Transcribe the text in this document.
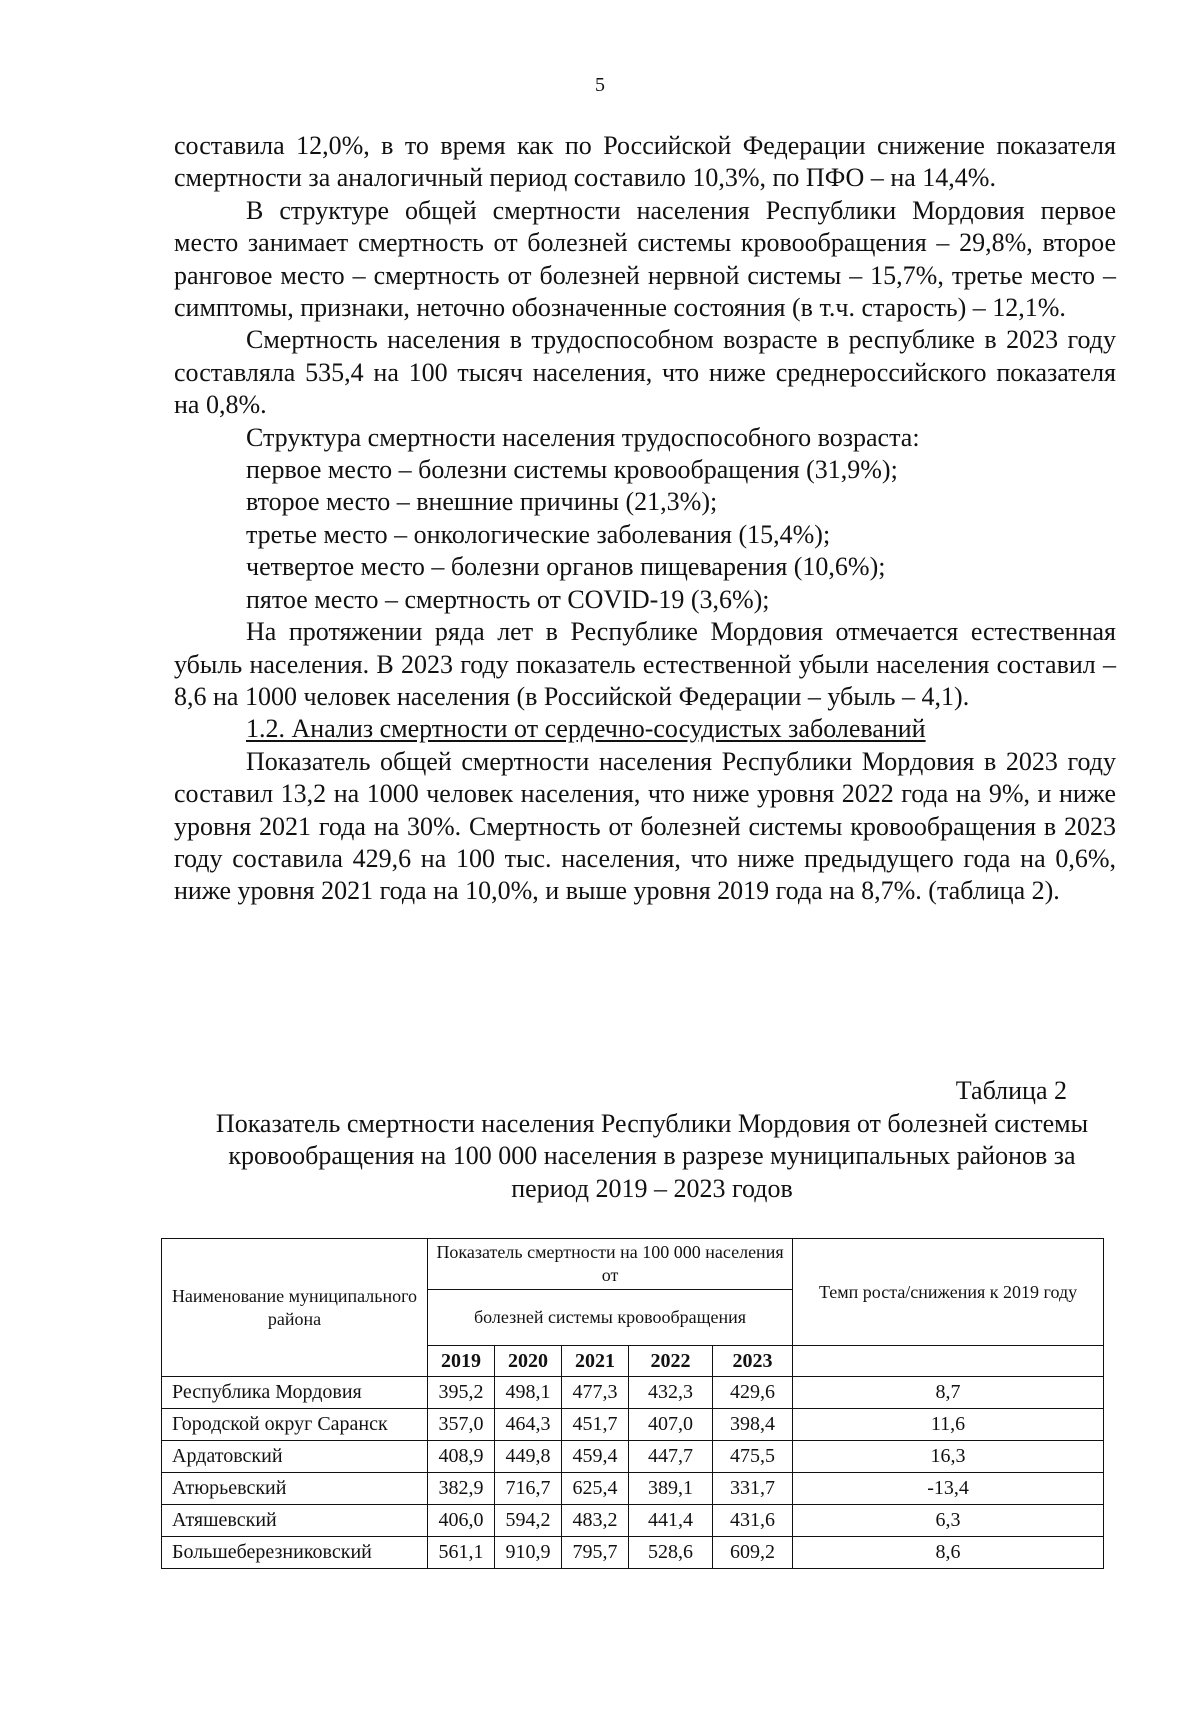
5

составила 12,0%, в то время как по Российской Федерации снижение показателя смертности за аналогичный период составило 10,3%, по ПФО – на 14,4%.

В структуре общей смертности населения Республики Мордовия первое место занимает смертность от болезней системы кровообращения – 29,8%, второе ранговое место – смертность от болезней нервной системы – 15,7%, третье место – симптомы, признаки, неточно обозначенные состояния (в т.ч. старость) – 12,1%.

Смертность населения в трудоспособном возрасте в республике в 2023 году составляла 535,4 на 100 тысяч населения, что ниже среднероссийского показателя на 0,8%.

Структура смертности населения трудоспособного возраста:

первое место – болезни системы кровообращения (31,9%);

второе место – внешние причины (21,3%);

третье место – онкологические заболевания (15,4%);

четвертое место – болезни органов пищеварения (10,6%);

пятое место – смертность от COVID-19 (3,6%);

На протяжении ряда лет в Республике Мордовия отмечается естественная убыль населения. В 2023 году показатель естественной убыли населения составил – 8,6 на 1000 человек населения (в Российской Федерации – убыль – 4,1).

1.2. Анализ смертности от сердечно-сосудистых заболеваний

Показатель общей смертности населения Республики Мордовия в 2023 году составил 13,2 на 1000 человек населения, что ниже уровня 2022 года на 9%, и ниже уровня 2021 года на 30%. Смертность от болезней системы кровообращения в 2023 году составила 429,6 на 100 тыс. населения, что ниже предыдущего года на 0,6%, ниже уровня 2021 года на 10,0%, и выше уровня 2019 года на 8,7%. (таблица 2).

Таблица 2
Показатель смертности населения Республики Мордовия от болезней системы кровообращения на 100 000 населения в разрезе муниципальных районов за период 2019 – 2023 годов
Наименование муниципального района	Показатель смертности на 100 000 населения от					Темп роста/снижения к 2019 году
	болезней системы кровообращения					
	2019	2020	2021	2022	2023	
Республика Мордовия	395,2	498,1	477,3	432,3	429,6	8,7
Городской округ Саранск	357,0	464,3	451,7	407,0	398,4	11,6
Ардатовский	408,9	449,8	459,4	447,7	475,5	16,3
Атюрьевский	382,9	716,7	625,4	389,1	331,7	-13,4
Атяшевский	406,0	594,2	483,2	441,4	431,6	6,3
Большеберезниковский	561,1	910,9	795,7	528,6	609,2	8,6
